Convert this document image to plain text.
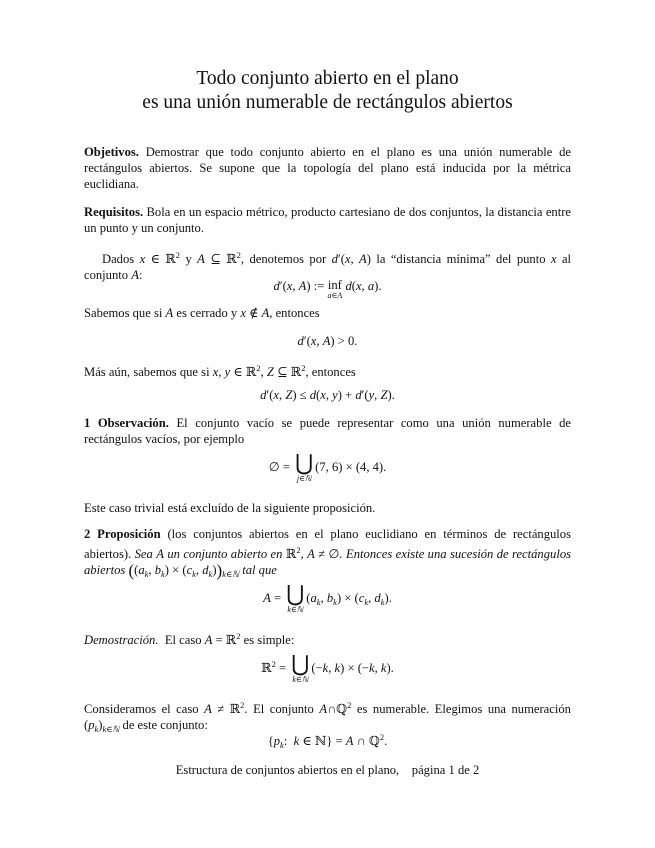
Todo conjunto abierto en el plano
es una unión numerable de rectángulos abiertos
Objetivos. Demostrar que todo conjunto abierto en el plano es una unión numerable de rectángulos abiertos. Se supone que la topología del plano está inducida por la métrica euclidiana.
Requisitos. Bola en un espacio métrico, producto cartesiano de dos conjuntos, la distancia entre un punto y un conjunto.
Dados x ∈ ℝ$^2$ y A ⊆ ℝ$^2$, denotemos por d′(x, A) la “distancia mínima” del punto x al conjunto A:
d′(x, A) := inf
a∈A
d(x, a).
Sabemos que si A es cerrado y x ∉ A, entonces
d′(x, A) > 0.
Más aún, sabemos que si x, y ∈ ℝ$^2$, Z ⊆ ℝ$^2$, entonces
d′(x, Z) ≤ d(x, y) + d′(y, Z).
1 Observación. El conjunto vacío se puede representar como una unión numerable de rectángulos vacíos, por ejemplo
∅ = ⋃
j∈ℕ
(7, 6) × (4, 4).
Este caso trivial está excluído de la siguiente proposición.
2 Proposición (los conjuntos abiertos en el plano euclidiano en términos de rectángulos abiertos). Sea A un conjunto abierto en ℝ$^2$, A ≠ ∅. Entonces existe una sucesión de rectángulos abiertos (($a_k$, $b_k) \times (c_k$, $d_k))_{k\in ℕ}$ tal que
A = ⋃
k∈ℕ
($a_k$, $b_k) \times (c_k$, $d_k$).
Demostración. El caso A = ℝ$^2$ es simple:
ℝ$^2$ = ⋃
k∈ℕ
(−k, k) × (−k, k).
Consideramos el caso A ≠ ℝ$^2$. El conjunto A∩ℚ$^2$ es numerable. Elegimos una numeración $(p_k)_{k\in ℕ}$ de este conjunto:
{$p_k$:  k ∈ ℕ} = A ∩ ℚ$^2$.
Estructura de conjuntos abiertos en el plano,    página 1 de 2
